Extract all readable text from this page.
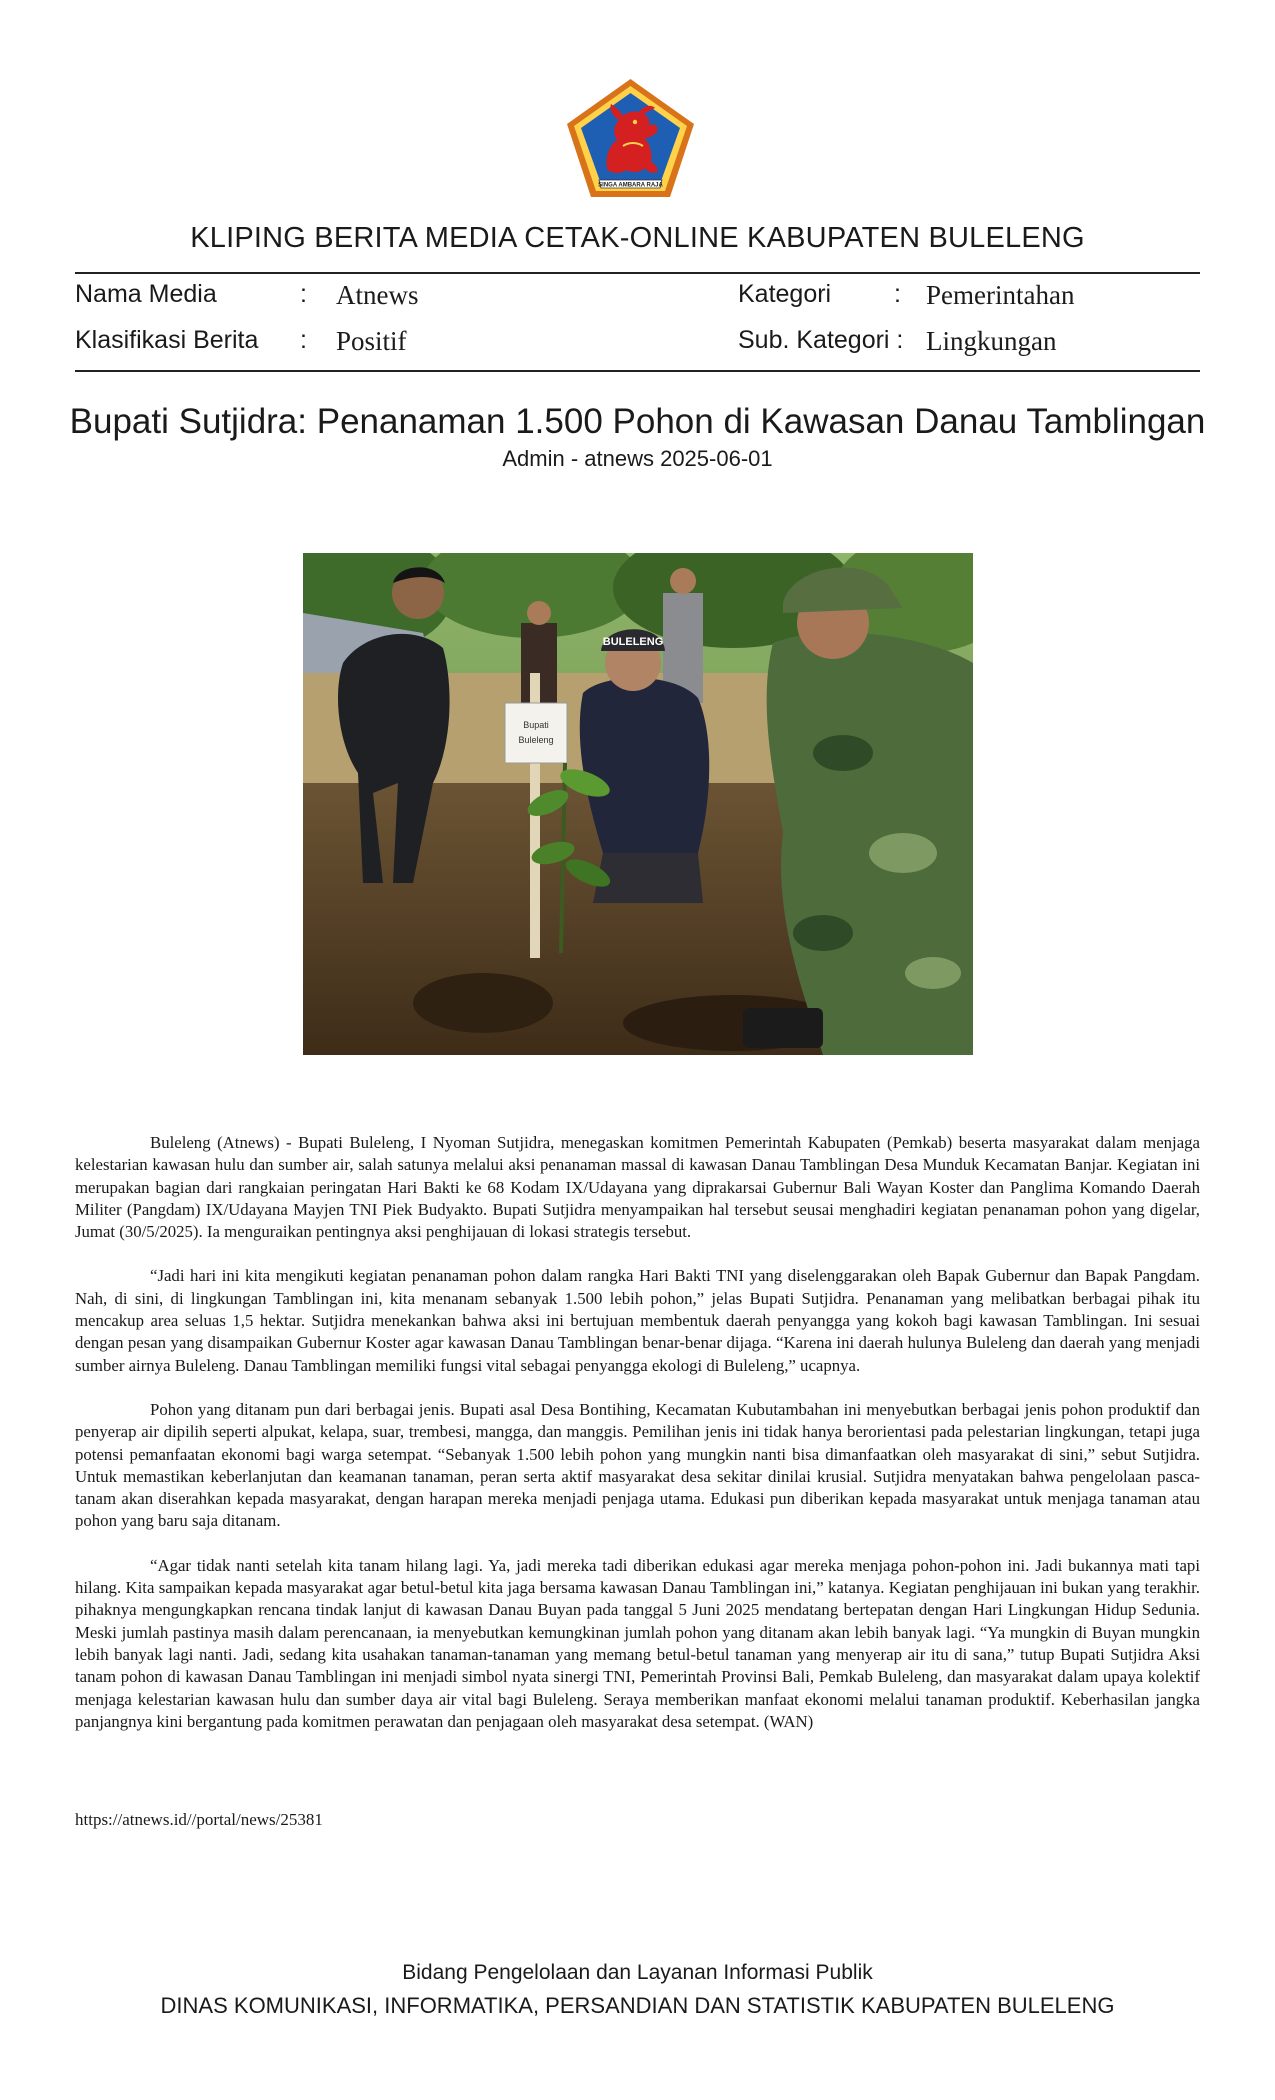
SINGA AMBARA RAJA
KLIPING BERITA MEDIA CETAK-ONLINE KABUPATEN BULELENG
Nama Media	: Atnews	Kategori	: Pemerintahan
Klasifikasi Berita : Positif	Sub. Kategori : Lingkungan
Bupati Sutjidra: Penanaman 1.500 Pohon di Kawasan Danau Tamblingan
Admin - atnews 2025-06-01
BULELENG
Bupati
Buleleng

Buleleng (Atnews) - Bupati Buleleng, I Nyoman Sutjidra, menegaskan komitmen Pemerintah Kabupaten (Pemkab) beserta masyarakat dalam menjaga kelestarian kawasan hulu dan sumber air, salah satunya melalui aksi penanaman massal di kawasan Danau Tamblingan Desa Munduk Kecamatan Banjar. Kegiatan ini merupakan bagian dari rangkaian peringatan Hari Bakti ke 68 Kodam IX/Udayana yang diprakarsai Gubernur Bali Wayan Koster dan Panglima Komando Daerah Militer (Pangdam) IX/Udayana Mayjen TNI Piek Budyakto. Bupati Sutjidra menyampaikan hal tersebut seusai menghadiri kegiatan penanaman pohon yang digelar, Jumat (30/5/2025). Ia menguraikan pentingnya aksi penghijauan di lokasi strategis tersebut.

“Jadi hari ini kita mengikuti kegiatan penanaman pohon dalam rangka Hari Bakti TNI yang diselenggarakan oleh Bapak Gubernur dan Bapak Pangdam. Nah, di sini, di lingkungan Tamblingan ini, kita menanam sebanyak 1.500 lebih pohon,” jelas Bupati Sutjidra. Penanaman yang melibatkan berbagai pihak itu mencakup area seluas 1,5 hektar. Sutjidra menekankan bahwa aksi ini bertujuan membentuk daerah penyangga yang kokoh bagi kawasan Tamblingan. Ini sesuai dengan pesan yang disampaikan Gubernur Koster agar kawasan Danau Tamblingan benar-benar dijaga. “Karena ini daerah hulunya Buleleng dan daerah yang menjadi sumber airnya Buleleng. Danau Tamblingan memiliki fungsi vital sebagai penyangga ekologi di Buleleng,” ucapnya.

Pohon yang ditanam pun dari berbagai jenis. Bupati asal Desa Bontihing, Kecamatan Kubutambahan ini menyebutkan berbagai jenis pohon produktif dan penyerap air dipilih seperti alpukat, kelapa, suar, trembesi, mangga, dan manggis. Pemilihan jenis ini tidak hanya berorientasi pada pelestarian lingkungan, tetapi juga potensi pemanfaatan ekonomi bagi warga setempat. “Sebanyak 1.500 lebih pohon yang mungkin nanti bisa dimanfaatkan oleh masyarakat di sini,” sebut Sutjidra. Untuk memastikan keberlanjutan dan keamanan tanaman, peran serta aktif masyarakat desa sekitar dinilai krusial. Sutjidra menyatakan bahwa pengelolaan pasca-tanam akan diserahkan kepada masyarakat, dengan harapan mereka menjadi penjaga utama. Edukasi pun diberikan kepada masyarakat untuk menjaga tanaman atau pohon yang baru saja ditanam.

“Agar tidak nanti setelah kita tanam hilang lagi. Ya, jadi mereka tadi diberikan edukasi agar mereka menjaga pohon-pohon ini. Jadi bukannya mati tapi hilang. Kita sampaikan kepada masyarakat agar betul-betul kita jaga bersama kawasan Danau Tamblingan ini,” katanya. Kegiatan penghijauan ini bukan yang terakhir. pihaknya mengungkapkan rencana tindak lanjut di kawasan Danau Buyan pada tanggal 5 Juni 2025 mendatang bertepatan dengan Hari Lingkungan Hidup Sedunia. Meski jumlah pastinya masih dalam perencanaan, ia menyebutkan kemungkinan jumlah pohon yang ditanam akan lebih banyak lagi. “Ya mungkin di Buyan mungkin lebih banyak lagi nanti. Jadi, sedang kita usahakan tanaman-tanaman yang memang betul-betul tanaman yang menyerap air itu di sana,” tutup Bupati Sutjidra Aksi tanam pohon di kawasan Danau Tamblingan ini menjadi simbol nyata sinergi TNI, Pemerintah Provinsi Bali, Pemkab Buleleng, dan masyarakat dalam upaya kolektif menjaga kelestarian kawasan hulu dan sumber daya air vital bagi Buleleng. Seraya memberikan manfaat ekonomi melalui tanaman produktif. Keberhasilan jangka panjangnya kini bergantung pada komitmen perawatan dan penjagaan oleh masyarakat desa setempat. (WAN)

https://atnews.id//portal/news/25381
Bidang Pengelolaan dan Layanan Informasi Publik
DINAS KOMUNIKASI, INFORMATIKA, PERSANDIAN DAN STATISTIK KABUPATEN BULELENG
